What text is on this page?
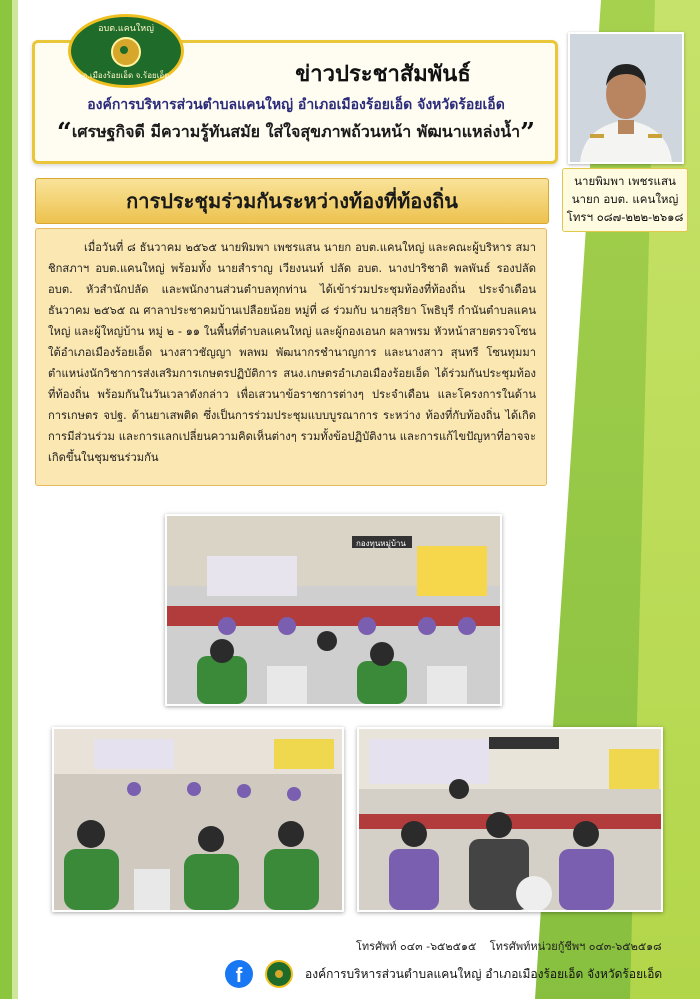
อบต.แคนใหญ่
อ.เมืองร้อยเอ็ด จ.ร้อยเอ็ด	ข่าวประชาสัมพันธ์
องค์การบริหารส่วนตำบลแคนใหญ่ อำเภอเมืองร้อยเอ็ด จังหวัดร้อยเอ็ด
“เศรษฐกิจดี มีความรู้ทันสมัย ใส่ใจสุขภาพถ้วนหน้า พัฒนาแหล่งน้ำ”
นายพิมพา เพชรแสน
นายก อบต. แคนใหญ่
โทรฯ ๐๘๗-๒๒๒-๒๖๑๘
การประชุมร่วมกันระหว่างท้องที่ท้องถิ่น
เมื่อวันที่ ๘ ธันวาคม ๒๕๖๕ นายพิมพา เพชรแสน นายก อบต.แคนใหญ่ และคณะผู้บริหาร สมาชิกสภาฯ อบต.แคนใหญ่ พร้อมทั้ง นายสำราญ เวียงนนท์ ปลัด อบต. นางปาริชาติ พลพันธ์ รองปลัด อบต. หัวสำนักปลัด และพนักงานส่วนตำบลทุกท่าน ได้เข้าร่วมประชุมท้องที่ท้องถิ่น ประจำเดือนธันวาคม ๒๕๖๕ ณ ศาลาประชาคมบ้านเปลือยน้อย หมู่ที่ ๘ ร่วมกับ นายสุริยา โพธิบุรี กำนันตำบลแคนใหญ่ และผู้ใหญ่บ้าน หมู่ ๒ - ๑๑ ในพื้นที่ตำบลแคนใหญ่ และผู้กองเอนก ผลาพรม หัวหน้าสายตรวจโซนใต้อำเภอเมืองร้อยเอ็ด นางสาวชัญญา พลพม พัฒนากรชำนาญการ และนางสาว สุนทรี โซนทุมมา ตำแหน่งนักวิชาการส่งเสริมการเกษตรปฏิบัติการ สนง.เกษตรอำเภอเมืองร้อยเอ็ด ได้ร่วมกันประชุมท้องที่ท้องถิ่น พร้อมกันในวันเวลาดังกล่าว เพื่อเสวนาข้อราชการต่างๆ ประจำเดือน และโครงการในด้านการเกษตร จปฐ. ด้านยาเสพติด ซึ่งเป็นการร่วมประชุมแบบบูรณาการ ระหว่าง ท้องที่กับท้องถิ่น ได้เกิดการมีส่วนร่วม และการแลกเปลี่ยนความคิดเห็นต่างๆ รวมทั้งข้อปฏิบัติงาน และการแก้ไขปัญหาที่อาจจะเกิดขึ้นในชุมชนร่วมกัน
กองทุนหมู่บ้าน
โทรศัพท์ ๐๔๓ -๖๕๒๕๑๕ โทรศัพท์หน่วยกู้ชีพฯ ๐๔๓-๖๕๒๕๑๘
f	องค์การบริหารส่วนตำบลแคนใหญ่ อำเภอเมืองร้อยเอ็ด จังหวัดร้อยเอ็ด
